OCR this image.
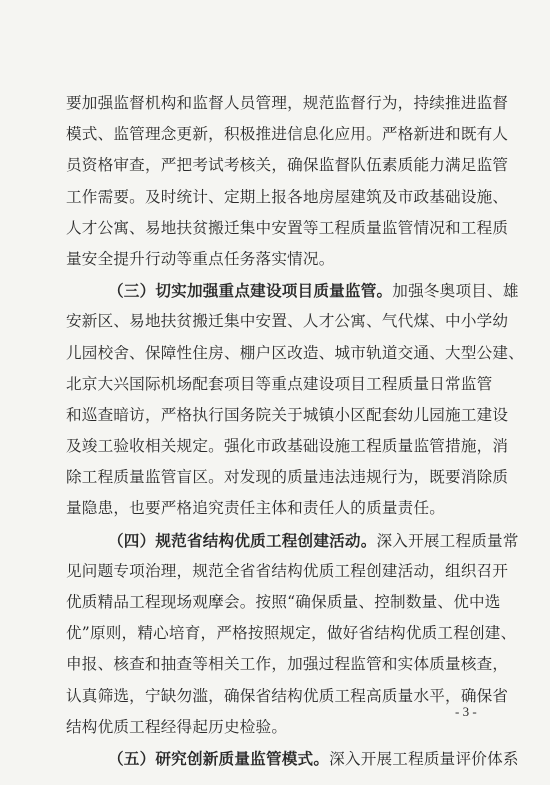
要加强监督机构和监督人员管理，规范监督行为，持续推进监督
模式、监管理念更新，积极推进信息化应用。严格新进和既有人
员资格审查，严把考试考核关，确保监督队伍素质能力满足监管
工作需要。及时统计、定期上报各地房屋建筑及市政基础设施、
人才公寓、易地扶贫搬迁集中安置等工程质量监管情况和工程质
量安全提升行动等重点任务落实情况。
（三）切实加强重点建设项目质量监管。加强冬奥项目、雄
安新区、易地扶贫搬迁集中安置、人才公寓、气代煤、中小学幼
儿园校舍、保障性住房、棚户区改造、城市轨道交通、大型公建、
北京大兴国际机场配套项目等重点建设项目工程质量日常监管
和巡查暗访，严格执行国务院关于城镇小区配套幼儿园施工建设
及竣工验收相关规定。强化市政基础设施工程质量监管措施，消
除工程质量监管盲区。对发现的质量违法违规行为，既要消除质
量隐患，也要严格追究责任主体和责任人的质量责任。
（四）规范省结构优质工程创建活动。深入开展工程质量常
见问题专项治理，规范全省省结构优质工程创建活动，组织召开
优质精品工程现场观摩会。按照“确保质量、控制数量、优中选
优”原则，精心培育，严格按照规定，做好省结构优质工程创建、
申报、核查和抽查等相关工作，加强过程监管和实体质量核查，
认真筛选，宁缺勿滥，确保省结构优质工程高质量水平，确保省
结构优质工程经得起历史检验。
（五）研究创新质量监管模式。深入开展工程质量评价体系
- 3 -
